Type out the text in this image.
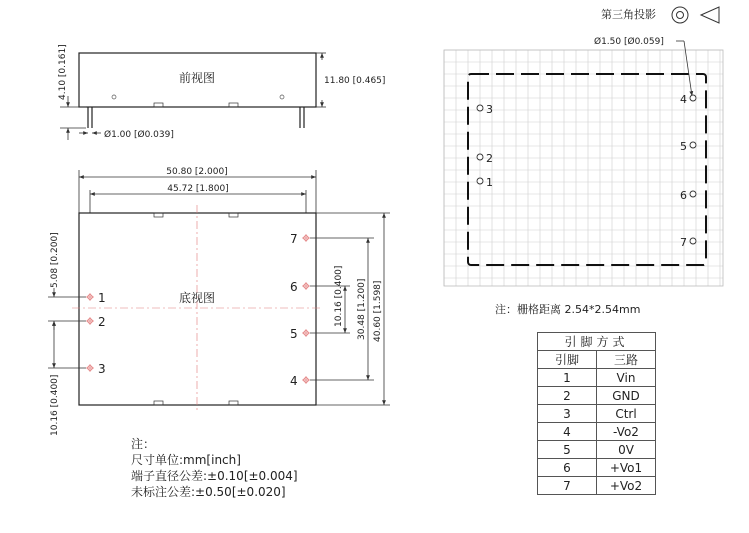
第三角投影
前视图
4.10 [0.161]	11.80 [0.465]
Ø1.00 [Ø0.039]
50.80 [2.000]
45.72 [1.800]
底视图
1
2
3
7
6
5
4
5.08 [0.200]
10.16 [0.400]
10.16 [0.400] 30.48 [1.200] 40.60 [1.598]
Ø1.50 [Ø0.059]
3
2
1
4
5
6
7
注：栅格距离 2.54*2.54mm
注：
尺寸单位:mm[inch]
端子直径公差:±0.10[±0.004]
未标注公差:±0.50[±0.020]
引脚方式	
引脚	三路
1	Vin
2	GND
3	Ctrl
4	-Vo2
5	0V
6	+Vo1
7	+Vo2
